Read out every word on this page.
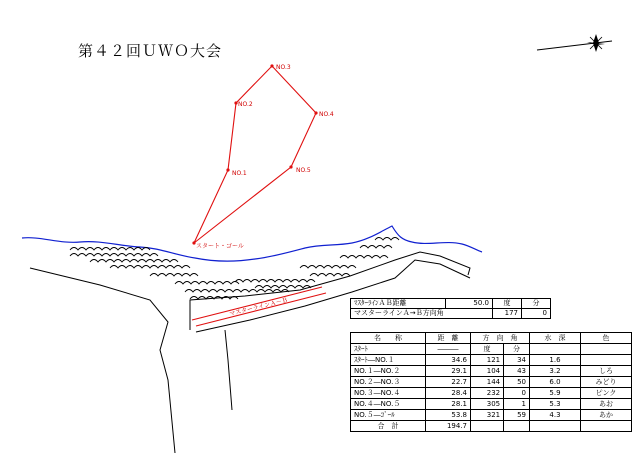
第４２回ＵＷＯ大会
マスターラインＡ－Ｂ
NO.3
NO.2
NO.4
NO.1	NO.5
スタート・ゴール
ﾏｽﾀｰﾗｲﾝＡＢ距離	50.0	度	分
マスターラインＡ→Ｂ方向角		177	0
名　　称	距　離	方　向　角		水　深	色
ｽﾀｰﾄ	―――	度	分		
ｽﾀｰﾄ―NO.１	34.6	121	34	1.6	
NO.１―NO.２	29.1	104	43	3.2	しろ
NO.２―NO.３	22.7	144	50	6.0	みどり
NO.３―NO.４	28.4	232	0	5.9	ピンク
NO.４―NO.５	28.1	305	1	5.3	あお
NO.５―ｺﾞｰﾙ	53.8	321	59	4.3	あか
合　計	194.7				
